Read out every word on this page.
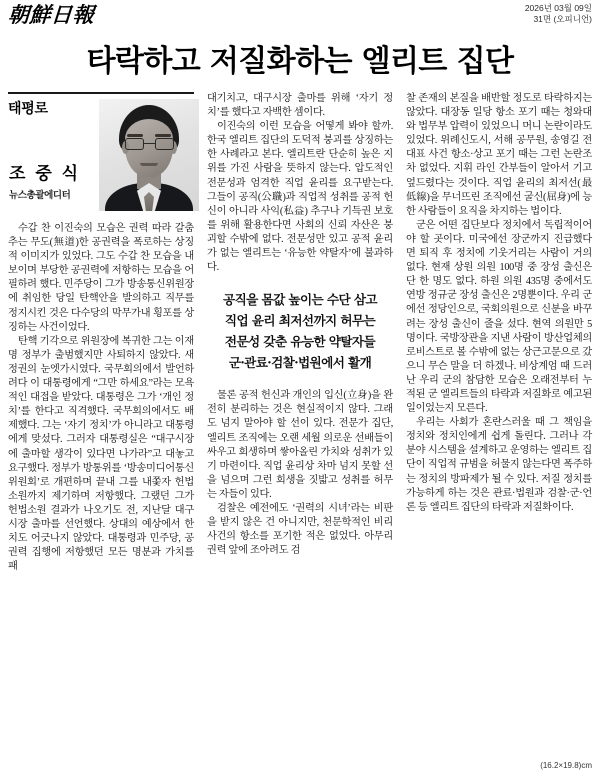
朝鮮日報	2026년 03월 09일
31면 (오피니언)
타락하고 저질화하는 엘리트 집단
태평로
조 중 식
뉴스총괄에디터

수갑 찬 이진숙의 모습은 권력 따라 갈춤 추는 무도(無道)한 공권력을 폭로하는 상징적 이미지가 있었다. 그도 수갑 찬 모습을 내보이며 부당한 공권력에 저항하는 모습을 어필하려 했다. 민주당이 그가 방송통신위원장에 취임한 당일 탄핵안을 발의하고 직무를 정지시킨 것은 다수당의 막무가내 횡포를 상징하는 사건이었다.

탄핵 기각으로 위원장에 복귀한 그는 이재명 정부가 출범했지만 사퇴하지 않았다. 새 정권의 눈엣가시였다. 국무회의에서 발언하려다 이 대통령에게 “그만 하세요”라는 모욕적인 대접을 받았다. 대통령은 그가 ‘개인 정치’를 한다고 직격했다. 국무회의에서도 배제했다. 그는 ‘자기 정치’가 아니라고 대통령에게 맞섰다. 그러자 대통령실은 “대구시장에 출마할 생각이 있다면 나가라”고 대놓고 요구했다. 정부가 방통위를 ‘방송미디어통신위원회’로 개편하며 끝내 그를 내쫓자 헌법소원까지 제기하며 저항했다. 그랬던 그가 헌법소원 결과가 나오기도 전, 지난달 대구시장 출마를 선언했다. 상대의 예상에서 한 치도 어긋나지 않았다. 대통령과 민주당, 공권력 집행에 저항했던 모든 명분과 가치를 패

대기치고, 대구시장 출마를 위해 ‘자기 정치’를 했다고 자백한 셈이다.

이진숙의 이런 모습을 어떻게 봐야 할까. 한국 엘리트 집단의 도덕적 붕괴를 상징하는 한 사례라고 본다. 엘리트란 단순히 높은 지위를 가진 사람을 뜻하지 않는다. 압도적인 전문성과 엄격한 직업 윤리를 요구받는다. 그들이 공직(公職)과 직업적 성취를 공적 헌신이 아니라 사익(私益) 추구나 기득권 보호를 위해 활용한다면 사회의 신뢰 자산은 붕괴할 수밖에 없다. 전문성만 있고 공적 윤리가 없는 엘리트는 ‘유능한 약탈자’에 불과하다.

공직을 몸값 높이는 수단 삼고
직업 윤리 최저선까지 허무는
전문성 갖춘 유능한 약탈자들
군·관료·검찰·법원에서 활개

물론 공적 헌신과 개인의 입신(立身)을 완전히 분리하는 것은 현실적이지 않다. 그래도 넘지 말아야 할 선이 있다. 전문가 집단, 엘리트 조직에는 오랜 세월 의로운 선배들이 싸우고 희생하며 쌓아올린 가치와 성취가 있기 마련이다. 직업 윤리상 차마 넘지 못할 선을 넘으며 그런 희생을 짓밟고 성취를 허무는 자들이 있다.

검찰은 예전에도 ‘권력의 시녀’라는 비판을 받지 않은 건 아니지만, 천문학적인 비리 사건의 항소를 포기한 적은 없었다. 아무리 권력 앞에 조아려도 검

찰 존재의 본질을 배반할 정도로 타락하지는 않았다. 대장동 일당 항소 포기 때는 청와대와 법무부 압력이 있었으니 머니 논란이라도 있었다. 위례신도시, 서해 공무원, 송영길 전 대표 사건 항소·상고 포기 때는 그런 논란조차 없었다. 지휘 라인 간부들이 알아서 기고 엎드렸다는 것이다. 직업 윤리의 최저선(最低線)을 무너뜨린 조직에선 굴신(屈身)에 능한 사람들이 요직을 차지하는 법이다.

군은 어떤 집단보다 정치에서 독립적이어야 할 곳이다. 미국에선 장군까지 진급했다면 퇴직 후 정치에 기웃거리는 사람이 거의 없다. 현재 상원 의원 100명 중 장성 출신은 단 한 명도 없다. 하원 의원 435명 중에서도 연방 정규군 장성 출신은 2명뿐이다. 우리 군에선 정당인으로, 국회의원으로 신분을 바꾸려는 장성 출신이 줄을 섰다. 현역 의원만 5명이다. 국방장관을 지낸 사람이 방산업체의 로비스트로 볼 수밖에 없는 상근고문으로 갔으니 무슨 말을 더 하겠나. 비상계엄 때 드러난 우리 군의 참담한 모습은 오래전부터 누적된 군 엘리트들의 타락과 저질화로 예고된 일이었는지 모른다.

우리는 사회가 혼란스러울 때 그 책임을 정치와 정치인에게 쉽게 돌린다. 그러나 각 분야 시스템을 설계하고 운영하는 엘리트 집단이 직업적 규범을 허물지 않는다면 폭주하는 정치의 방파제가 될 수 있다. 저질 정치를 가능하게 하는 것은 관료·법원과 검찰·군·언론 등 엘리트 집단의 타락과 저질화이다.

(16.2×19.8)cm
